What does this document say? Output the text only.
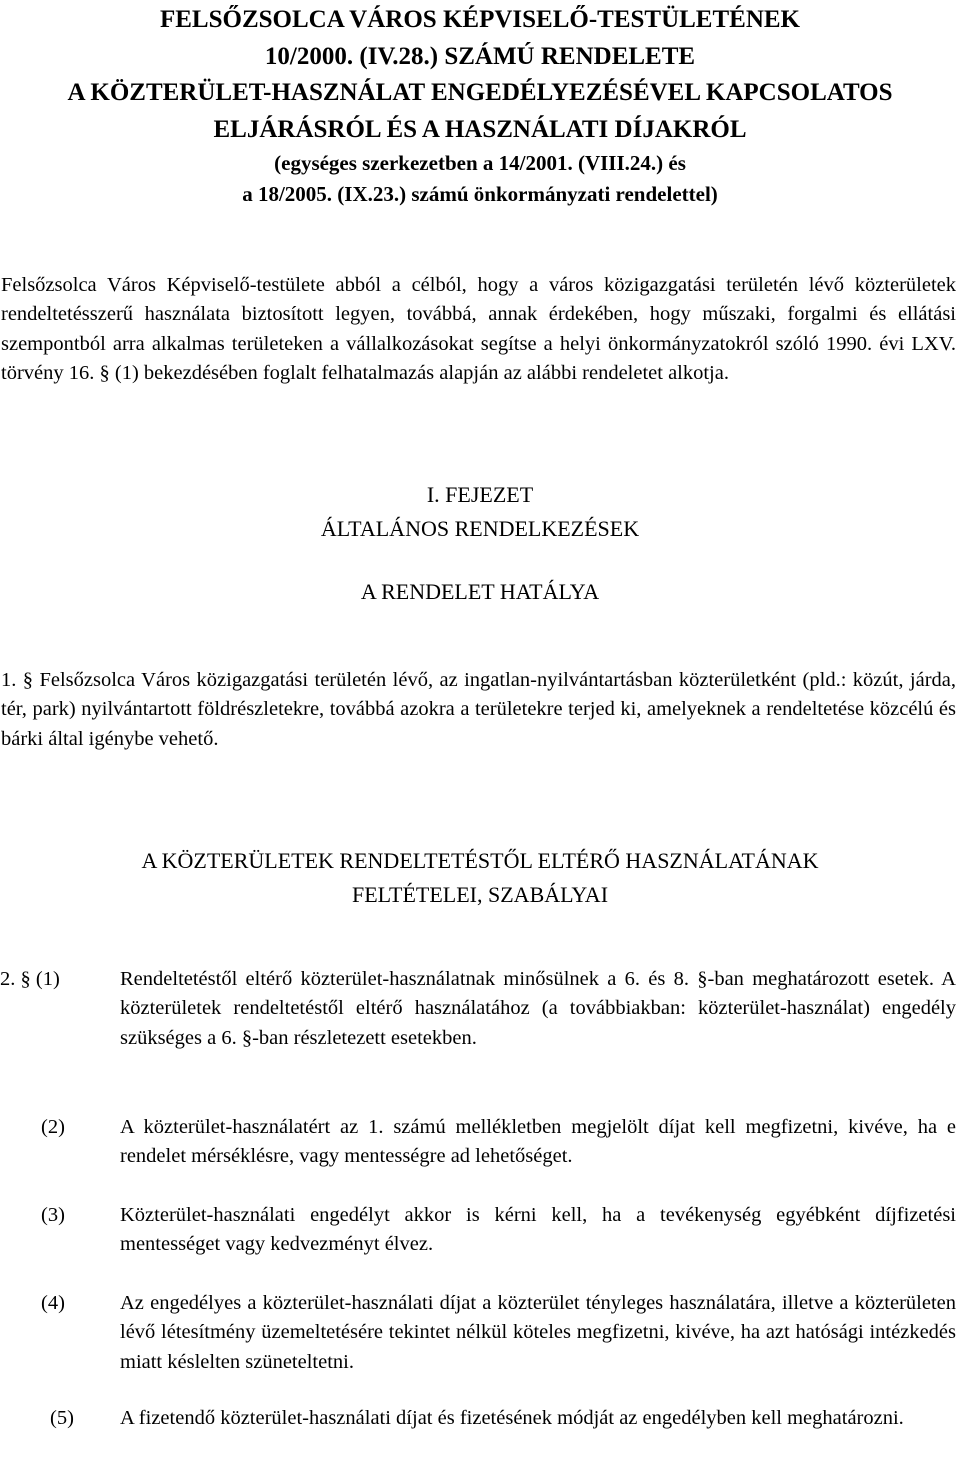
FELSŐZSOLCA VÁROS KÉPVISELŐ-TESTÜLETÉNEK
10/2000. (IV.28.) SZÁMÚ RENDELETE
A KÖZTERÜLET-HASZNÁLAT ENGEDÉLYEZÉSÉVEL KAPCSOLATOS
ELJÁRÁSRÓL ÉS A HASZNÁLATI DÍJAKRÓL
(egységes szerkezetben a 14/2001. (VIII.24.) és
a 18/2005. (IX.23.) számú önkormányzati rendelettel)
Felsőzsolca Város Képviselő-testülete abból a célból, hogy a város közigazgatási területén lévő közterületek rendeltetésszerű használata biztosított legyen, továbbá, annak érdekében, hogy műszaki, forgalmi és ellátási szempontból arra alkalmas területeken a vállalkozásokat segítse a helyi önkormányzatokról szóló 1990. évi LXV. törvény 16. § (1) bekezdésében foglalt felhatalmazás alapján az alábbi rendeletet alkotja.
I. FEJEZET
ÁLTALÁNOS RENDELKEZÉSEK
A RENDELET HATÁLYA
1. § Felsőzsolca Város közigazgatási területén lévő, az ingatlan-nyilvántartásban közterületként (pld.: közút, járda, tér, park) nyilvántartott földrészletekre, továbbá azokra a területekre terjed ki, amelyeknek a rendeltetése közcélú és bárki által igénybe vehető.
A KÖZTERÜLETEK RENDELTETÉSTŐL ELTÉRŐ HASZNÁLATÁNAK
FELTÉTELEI, SZABÁLYAI
2. § (1)	Rendeltetéstől eltérő közterület-használatnak minősülnek a 6. és 8. §-ban meghatározott esetek. A közterületek rendeltetéstől eltérő használatához (a továbbiakban: közterület-használat) engedély szükséges a 6. §-ban részletezett esetekben.
(2)	A közterület-használatért az 1. számú mellékletben megjelölt díjat kell megfizetni, kivéve, ha e rendelet mérséklésre, vagy mentességre ad lehetőséget.
(3)	Közterület-használati engedélyt akkor is kérni kell, ha a tevékenység egyébként díjfizetési mentességet vagy kedvezményt élvez.
(4)	Az engedélyes a közterület-használati díjat a közterület tényleges használatára, illetve a közterületen lévő létesítmény üzemeltetésére tekintet nélkül köteles megfizetni, kivéve, ha azt hatósági intézkedés miatt késlelten szüneteltetni.
(5) A fizetendő közterület-használati díjat és fizetésének módját az engedélyben kell meghatározni.
